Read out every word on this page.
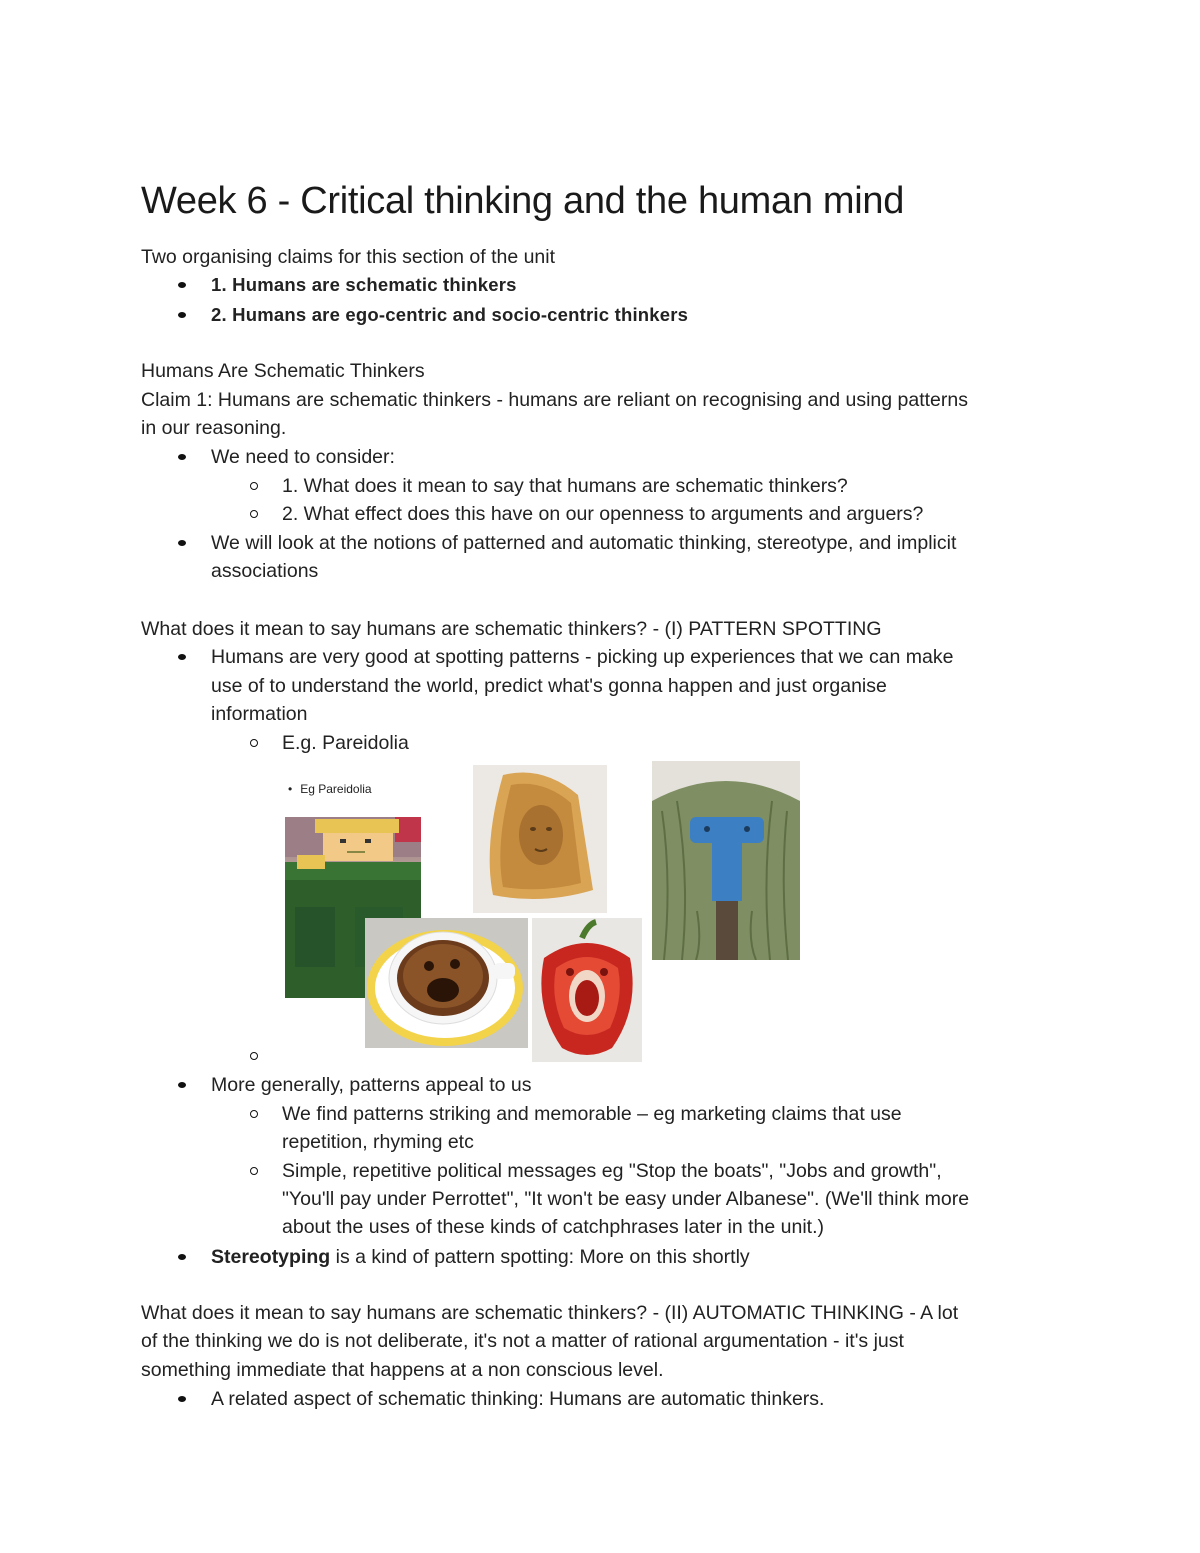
Week 6 - Critical thinking and the human mind
Two organising claims for this section of the unit
1. Humans are schematic thinkers
2. Humans are ego-centric and socio-centric thinkers
Humans Are Schematic Thinkers
Claim 1: Humans are schematic thinkers - humans are reliant on recognising and using patterns
in our reasoning.
We need to consider:
1. What does it mean to say that humans are schematic thinkers?
2. What effect does this have on our openness to arguments and arguers?
We will look at the notions of patterned and automatic thinking, stereotype, and implicit
associations
What does it mean to say humans are schematic thinkers? - (I) PATTERN SPOTTING
Humans are very good at spotting patterns - picking up experiences that we can make
use of to understand the world, predict what's gonna happen and just organise
information
E.g. Pareidolia
• Eg Pareidolia
More generally, patterns appeal to us
We find patterns striking and memorable – eg marketing claims that use
repetition, rhyming etc
Simple, repetitive political messages eg "Stop the boats", "Jobs and growth",
"You'll pay under Perrottet", "It won't be easy under Albanese". (We'll think more
about the uses of these kinds of catchphrases later in the unit.)
Stereotyping is a kind of pattern spotting: More on this shortly
What does it mean to say humans are schematic thinkers? - (II) AUTOMATIC THINKING - A lot
of the thinking we do is not deliberate, it's not a matter of rational argumentation - it's just
something immediate that happens at a non conscious level.
A related aspect of schematic thinking: Humans are automatic thinkers.
